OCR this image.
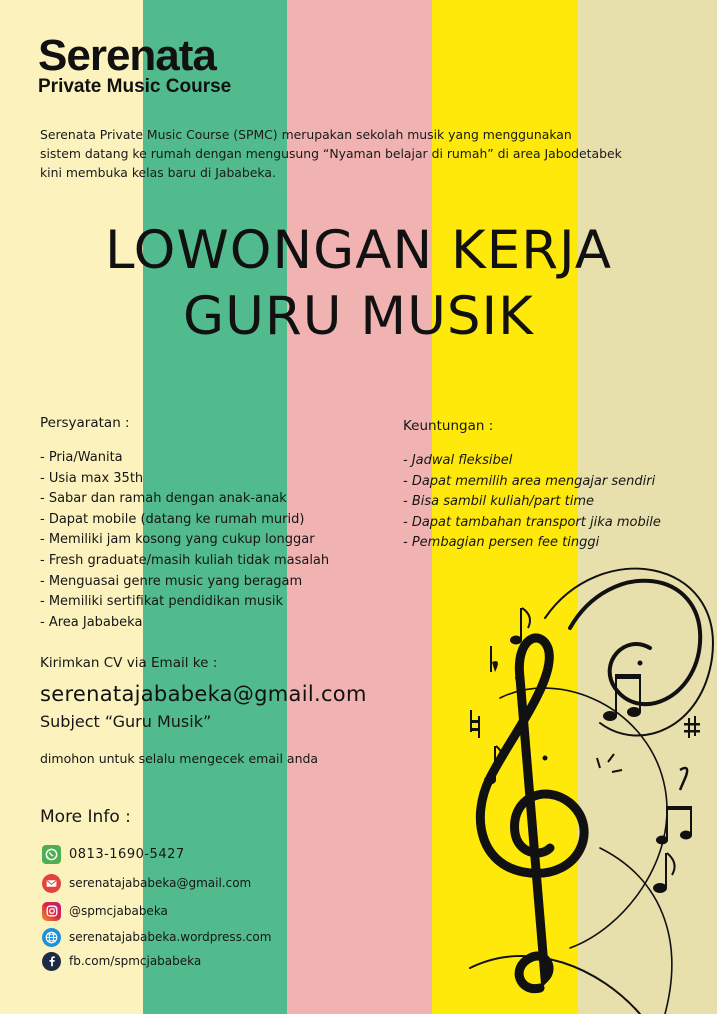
Serenata
Private Music Course
Serenata Private Music Course (SPMC) merupakan sekolah musik yang menggunakan
sistem datang ke rumah dengan mengusung “Nyaman belajar di rumah” di area Jabodetabek
kini membuka kelas baru di Jababeka.
LOWONGAN KERJA
GURU MUSIK
Persyaratan :
- Pria/Wanita
- Usia max 35th
- Sabar dan ramah dengan anak-anak
- Dapat mobile (datang ke rumah murid)
- Memiliki jam kosong yang cukup longgar
- Fresh graduate/masih kuliah tidak masalah
- Menguasai genre music yang beragam
- Memiliki sertifikat pendidikan musik
- Area Jababeka
Keuntungan :
- Jadwal fleksibel
- Dapat memilih area mengajar sendiri
- Bisa sambil kuliah/part time
- Dapat tambahan transport jika mobile
- Pembagian persen fee tinggi
Kirimkan CV via Email ke :
serenatajababeka@gmail.com
Subject “Guru Musik”
dimohon untuk selalu mengecek email anda
More Info :
0813-1690-5427
serenatajababeka@gmail.com
@spmcjababeka
serenatajababeka.wordpress.com
fb.com/spmcjababeka
